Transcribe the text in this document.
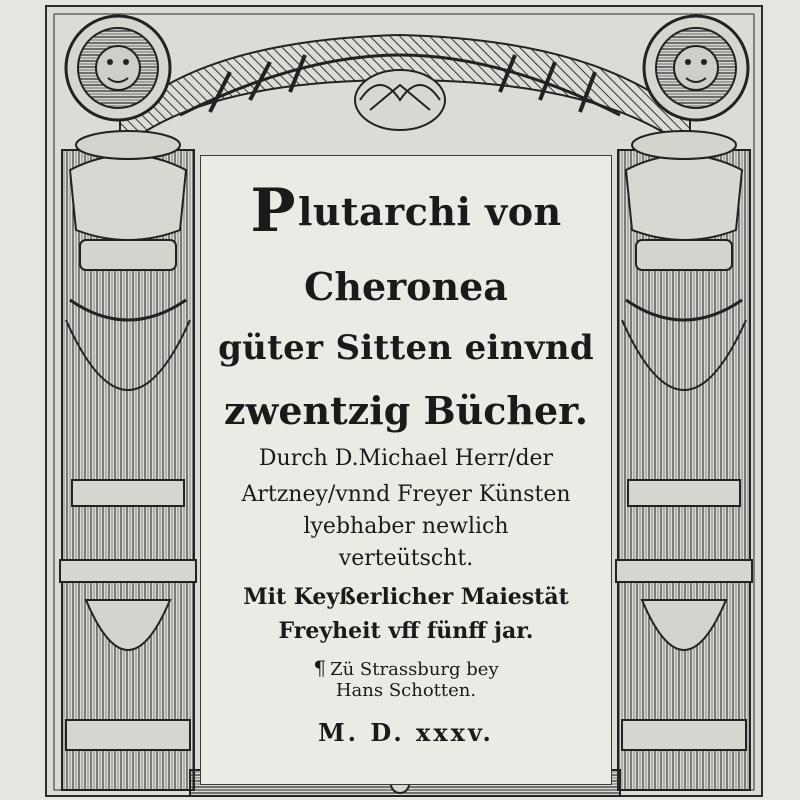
Plutarchi von
Cheronea
güter Sitten einvnd
zwentzig Bücher.
Durch D.Michael Herr/der
Artzney/vnnd Freyer Künsten
lyebhaber newlich
verteütscht.
Mit Keyßerlicher Maiestät
Freyheit vff fünff jar.
¶ Zü Strassburg bey
Hans Schotten.
M. D. xxxv.
